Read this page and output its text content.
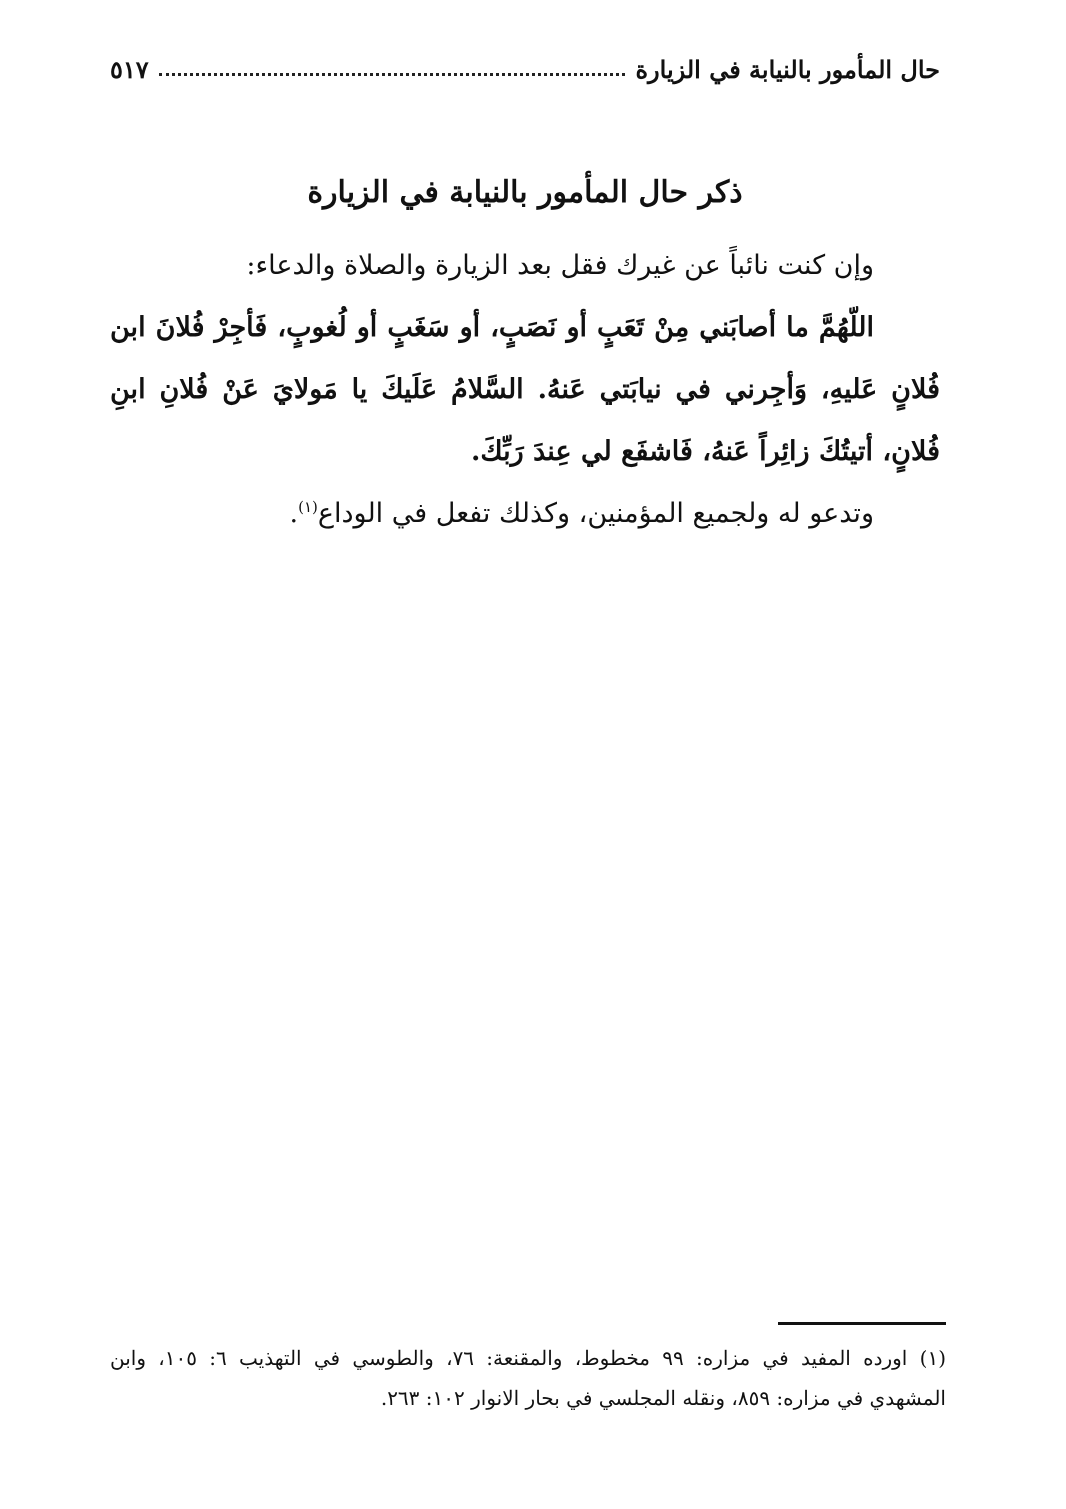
حال المأمور بالنيابة في الزيارة
٥١٧
ذكر حال المأمور بالنيابة في الزيارة

وإن كنت نائباً عن غيرك فقل بعد الزيارة والصلاة والدعاء:

اللّهُمَّ ما أصابَني مِنْ تَعَبٍ أو نَصَبٍ، أو سَغَبٍ أو لُغوبٍ، فَأجِرْ فُلانَ ابن فُلانٍ عَليهِ، وَأجِرني في نيابَتي عَنهُ. السَّلامُ عَلَيكَ يا مَولايَ عَنْ فُلانِ ابنِ فُلانٍ، أتيتُكَ زائِراً عَنهُ، فَاشفَع لي عِندَ رَبِّكَ.

وتدعو له ولجميع المؤمنين، وكذلك تفعل في الوداع$^{(١)}$.

(١) اورده المفيد في مزاره: ٩٩ مخطوط، والمقنعة: ٧٦، والطوسي في التهذيب ٦: ١٠٥، وابن المشهدي في مزاره: ٨٥٩، ونقله المجلسي في بحار الانوار ١٠٢: ٢٦٣.
